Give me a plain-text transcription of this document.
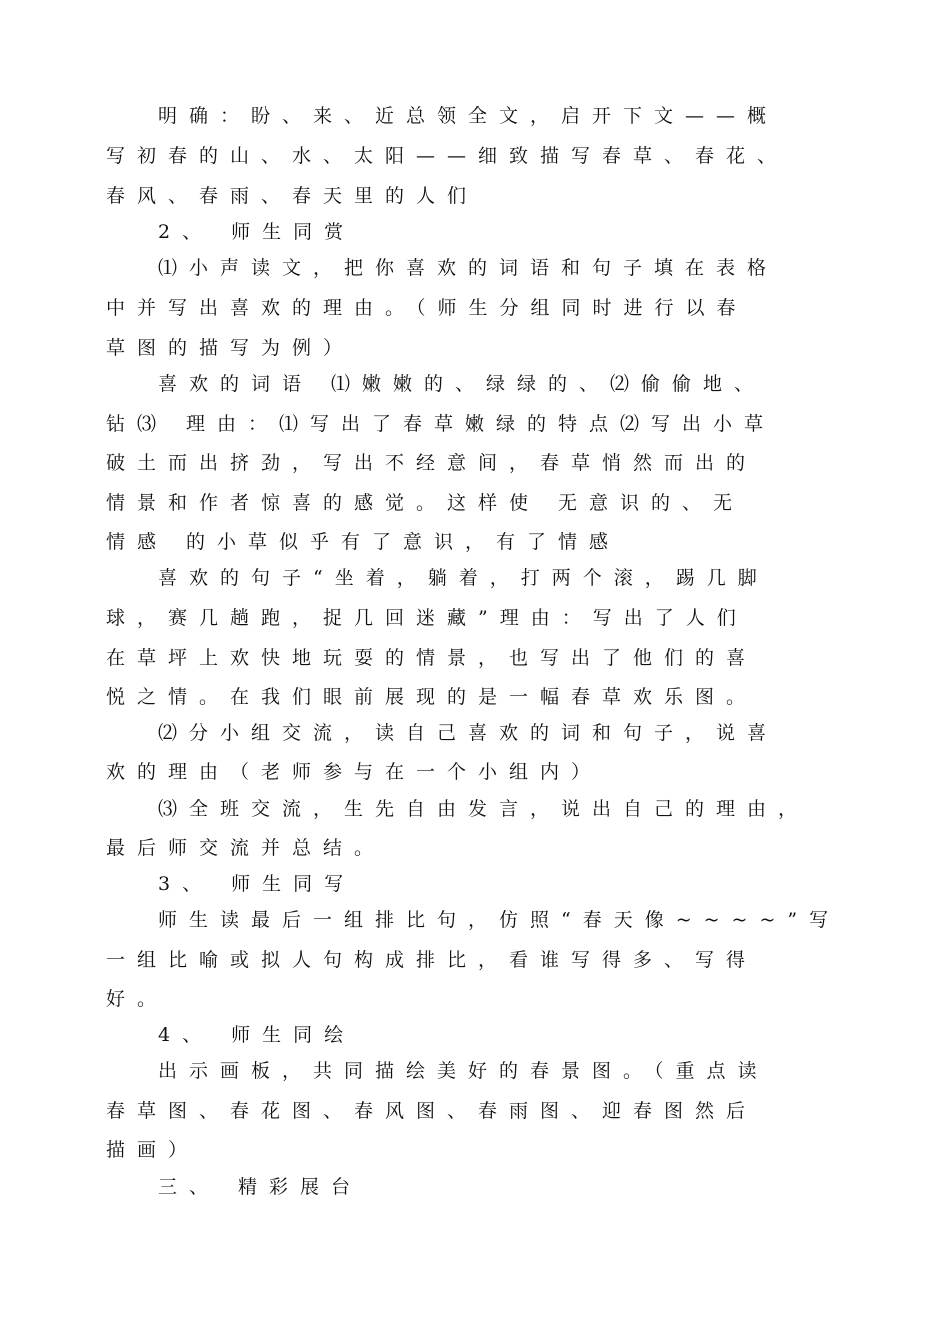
明确：盼、来、近总领全文，启开下文——概
写初春的山、水、太阳——细致描写春草、春花、
春风、春雨、春天里的人们
2、 师生同赏
⑴小声读文，把你喜欢的词语和句子填在表格
中并写出喜欢的理由。（师生分组同时进行以春
草图的描写为例）
喜欢的词语 ⑴嫩嫩的、绿绿的、⑵偷偷地、
钻⑶ 理由：⑴写出了春草嫩绿的特点⑵写出小草
破土而出挤劲，写出不经意间，春草悄然而出的
情景和作者惊喜的感觉。这样使 无意识的、无
情感 的小草似乎有了意识，有了情感
喜欢的句子“坐着，躺着，打两个滚，踢几脚
球，赛几趟跑，捉几回迷藏”理由：写出了人们
在草坪上欢快地玩耍的情景，也写出了他们的喜
悦之情。在我们眼前展现的是一幅春草欢乐图。
⑵分小组交流，读自己喜欢的词和句子，说喜
欢的理由（老师参与在一个小组内）
⑶全班交流，生先自由发言，说出自己的理由，
最后师交流并总结。
3、 师生同写
师生读最后一组排比句，仿照“春天像~~~~”写
一组比喻或拟人句构成排比，看谁写得多、写得
好。
4、 师生同绘
出示画板，共同描绘美好的春景图。（重点读
春草图、春花图、春风图、春雨图、迎春图然后
描画）
三、 精彩展台
